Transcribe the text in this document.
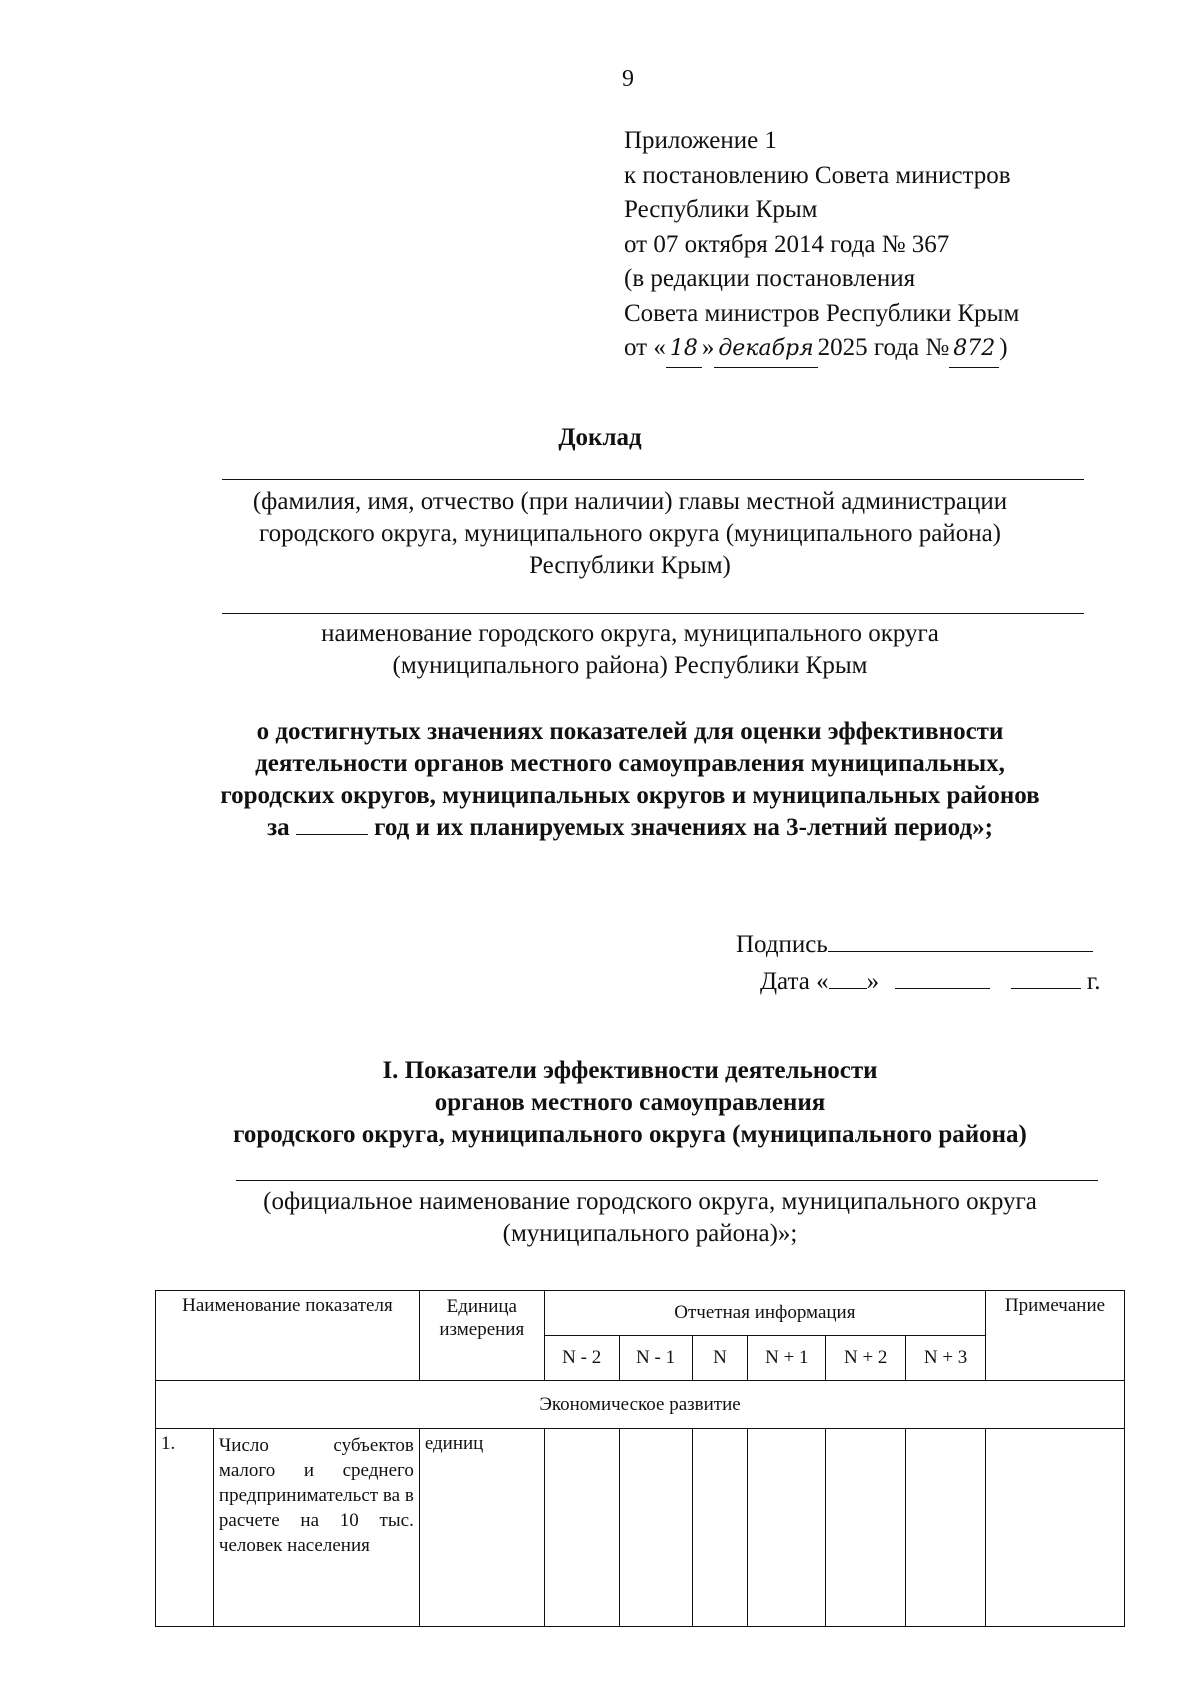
9
Приложение 1
к постановлению Совета министров
Республики Крым
от 07 октября 2014 года № 367
(в редакции постановления
Совета министров Республики Крым
от « 18 » декабря 2025 года № 872 )
Доклад
(фамилия, имя, отчество (при наличии) главы местной администрации
городского округа, муниципального округа (муниципального района)
Республики Крым)
наименование городского округа, муниципального округа
(муниципального района) Республики Крым
о достигнутых значениях показателей для оценки эффективности
деятельности органов местного самоуправления муниципальных,
городских округов, муниципальных округов и муниципальных районов
за	год и их планируемых значениях на 3-летний период»;
Подпись
Дата « »	г.
I. Показатели эффективности деятельности
органов местного самоуправления
городского округа, муниципального округа (муниципального района)
(официальное наименование городского округа, муниципального округа
(муниципального района)»;
Наименование показателя		Единица измерения	Отчетная информация						Примечание
			N - 2	N - 1	N	N + 1	N + 2	N + 3	
Экономическое развитие									
1.	Число субъектов малого и среднего предпринимательст ва в расчете на 10 тыс. человек населения	единиц							
